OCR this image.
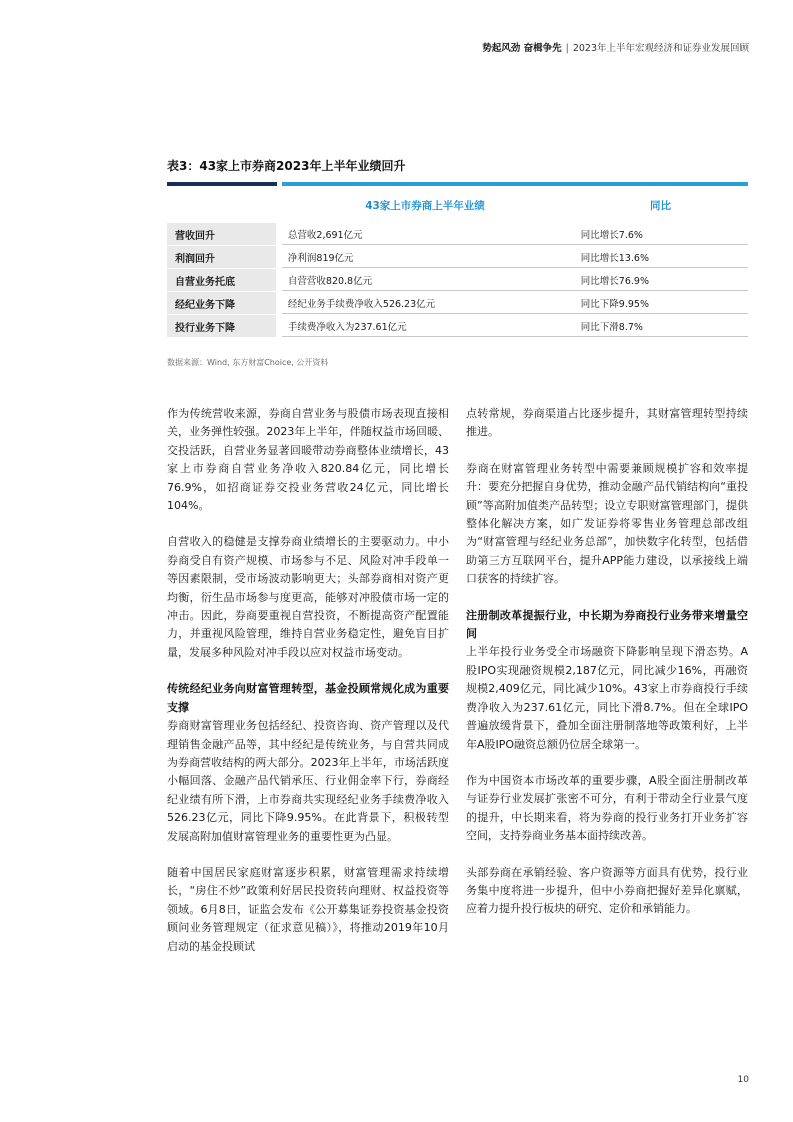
势起风劲 奋楫争先 | 2023年上半年宏观经济和证券业发展回顾
表3：43家上市券商2023年上半年业绩回升
43家上市券商上半年业绩	同比
营收回升	总营收2,691亿元	同比增长7.6%
利润回升	净利润819亿元	同比增长13.6%
自营业务托底	自营营收820.8亿元	同比增长76.9%
经纪业务下降	经纪业务手续费净收入526.23亿元	同比下降9.95%
投行业务下降	手续费净收入为237.61亿元	同比下滑8.7%
数据来源：Wind, 东方财富Choice, 公开资料

作为传统营收来源，券商自营业务与股债市场表现直接相关，业务弹性较强。2023年上半年，伴随权益市场回暖、交投活跃，自营业务显著回暖带动券商整体业绩增长，43家上市券商自营业务净收入820.84亿元，同比增长76.9%，如招商证券交投业务营收24亿元，同比增长104%。

自营收入的稳健是支撑券商业绩增长的主要驱动力。中小券商受自有资产规模、市场参与不足、风险对冲手段单一等因素限制，受市场波动影响更大；头部券商相对资产更均衡，衍生品市场参与度更高，能够对冲股债市场一定的冲击。因此，券商要重视自营投资，不断提高资产配置能力，并重视风险管理，维持自营业务稳定性，避免盲目扩量，发展多种风险对冲手段以应对权益市场变动。

传统经纪业务向财富管理转型，基金投顾常规化成为重要支撑

券商财富管理业务包括经纪、投资咨询、资产管理以及代理销售金融产品等，其中经纪是传统业务，与自营共同成为券商营收结构的两大部分。2023年上半年，市场活跃度小幅回落、金融产品代销承压、行业佣金率下行，券商经纪业绩有所下滑，上市券商共实现经纪业务手续费净收入526.23亿元，同比下降9.95%。在此背景下，积极转型发展高附加值财富管理业务的重要性更为凸显。

随着中国居民家庭财富逐步积累，财富管理需求持续增长，“房住不炒”政策利好居民投资转向理财、权益投资等领域。6月8日，证监会发布《公开募集证券投资基金投资顾问业务管理规定（征求意见稿）》，将推动2019年10月启动的基金投顾试

点转常规，券商渠道占比逐步提升，其财富管理转型持续推进。

券商在财富管理业务转型中需要兼顾规模扩容和效率提升：要充分把握自身优势，推动金融产品代销结构向“重投顾”等高附加值类产品转型；设立专职财富管理部门，提供整体化解决方案，如广发证券将零售业务管理总部改组为“财富管理与经纪业务总部”，加快数字化转型，包括借助第三方互联网平台，提升APP能力建设，以承接线上端口获客的持续扩容。

注册制改革提振行业，中长期为券商投行业务带来增量空间

上半年投行业务受全市场融资下降影响呈现下滑态势。A股IPO实现融资规模2,187亿元，同比减少16%，再融资规模2,409亿元，同比减少10%。43家上市券商投行手续费净收入为237.61亿元，同比下滑8.7%。但在全球IPO普遍放缓背景下，叠加全面注册制落地等政策利好，上半年A股IPO融资总额仍位居全球第一。

作为中国资本市场改革的重要步骤，A股全面注册制改革与证券行业发展扩张密不可分，有利于带动全行业景气度的提升，中长期来看，将为券商的投行业务打开业务扩容空间，支持券商业务基本面持续改善。

头部券商在承销经验、客户资源等方面具有优势，投行业务集中度将进一步提升，但中小券商把握好差异化禀赋，应着力提升投行板块的研究、定价和承销能力。

10
